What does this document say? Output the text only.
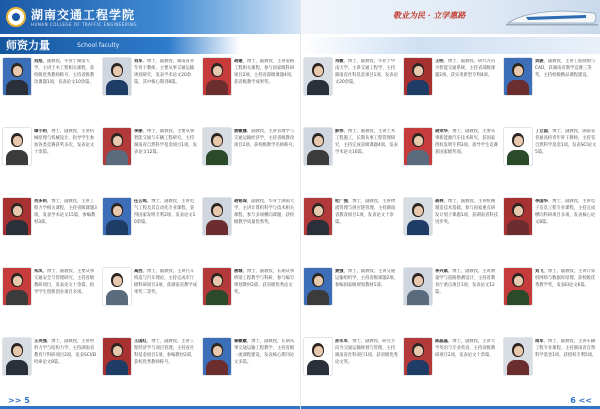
湖南交通工程学院
HUNAN COLLEGE OF TRAFFIC ENGINEERING
师资力量	School faculty
刘旭，副教授，毕业于湖南大学，主讲土木工程相关课程，获校级优秀教师称号，主持省级教改课题1项，发表论文10余篇。
刘军，博士，副教授，湖南省青年骨干教师，主要从事交通运输规划研究，发表学术论文20余篇，其中核心期刊8篇。
胡建，博士，副教授，主讲道路工程相关课程，参与国家级科研项目2项，主持省部级课题4项，获省级教学成果奖。
谭小莉，博士，副教授，主讲机械原理与机械设计，指导学生参加各类竞赛获奖多次，发表论文十余篇。
李丽，博士，副教授，主要从事智能交通与车辆工程研究，主持湖南省自然科学基金项目1项，发表论文12篇。
黄敏娜，副教授，主讲管理学与交通运输经济学，主持省级教改项目2项，获校级教学名师称号。
肖多莉，博士，副教授，主讲工程力学相关课程，主持省级课题3项，发表学术论文15篇，参编教材3部。
任云鸣，博士，副教授，主讲电气工程及其自动化专业课程，获得国家发明专利2项，发表论文10余篇。
胡铭琛，副教授，毕业于湖南大学，主讲计算机科学与技术相关课程，参与多项横向课题，获校级教学质量优秀奖。
朱凤，博士，副教授，主要从事交通安全与管理研究，主持省级教研项目，发表论文十余篇，指导学生创新创业项目多项。
高西，博士，副教授，主讲汽车构造与汽车理论，主持完成市厅级科研项目3项，获湖南省教学成果奖二等奖。
唐城，博士，副教授，长期从事桥梁工程教学与科研，参与编写规划教材2部，获省级优秀论文奖。
王英强，博士，副教授，主讲材料力学与结构力学，主持湖南省教育厅科研项目2项，发表SCI/EI检索论文8篇。
王国红，博士，副教授，主讲工程经济学与项目管理，主持省社科基金项目1项，参编教材2部，获校优秀教师称号。
秦敏敏，博士，副教授，长期从事交通运输工程教学，主持省级一流课程建设，发表核心期刊论文多篇。
>> 5
敬业为民 · 立学惠路
肖敏，博士，副教授，毕业于中南大学，主讲交通工程学，主持湖南省社科基金项目1项，发表论文20余篇。
王明，博士，副教授，研究方向为智能交通系统，主持省部级课题2项，获实用新型专利4项。
吴骏，副教授，主讲工程制图与CAD，获湖南省教学竞赛三等奖，主持校级精品课程建设。
彭伟，博士，副教授，主讲土木工程施工，长期从事工程管理研究，主持完成省级课题4项，发表学术论文16篇。
胡荣华，博士，副教授，主要从事新能源汽车技术研究，获国家授权发明专利3项，指导学生竞赛获国家级奖项。
丁立国，博士，副教授，湖南省普通高校青年骨干教师，主持省自然科学基金1项，发表SCI论文5篇。
杜广强，博士，副教授，主讲物流管理与供应链管理，主持湖南省教改项目1项，发表论文十余篇。
胡林，博士，副教授，主讲机械制造技术基础，参与国家重点研发计划子课题1项，获湖南省科技进步奖。
李国华，博士，副教授，主讲电子信息工程专业课程，主持完成横向科研项目多项，发表核心论文8篇。
黄强，博士，副教授，主讲交通运输组织学，主持省级课题2项，参编国家级规划教材1部。
李兴斌，博士，副教授，主讲测量学与道路勘测设计，主持省教育厅重点项目1项，发表论文12篇。
刘飞，博士，副教授，主讲计算机网络与数据库原理，获校级优秀教学奖，发表EI论文6篇。
孙永军，博士，副教授，研究方向为交通运输规划与管理，主持湖南省社科项目1项，获省级优秀论文奖。
陈晶晶，博士，副教授，主讲大学英语与专业英语，主持省级教研项目2项，发表论文十余篇。
周军，博士，副教授，主讲车辆工程专业课程，主持湖南省自然科学基金1项，获授权专利5项。
6 <<
